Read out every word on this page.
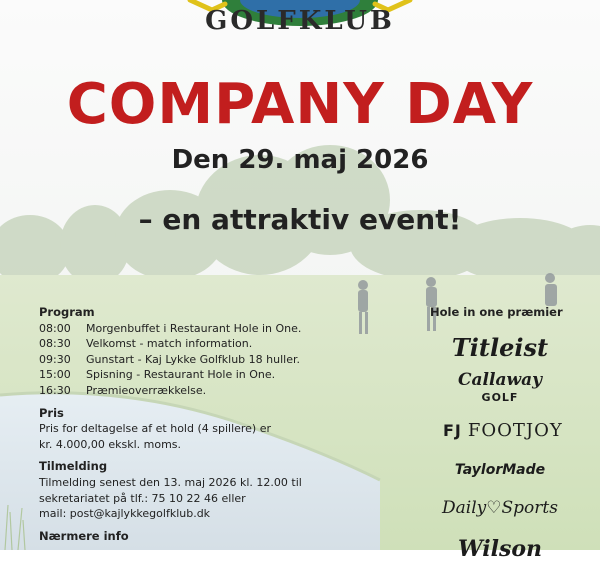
GOLFKLUB
COMPANY DAY
Den 29. maj 2026
– en attraktiv event!
Program
08:00 Morgenbuffet i Restaurant Hole in One.
08:30 Velkomst - match information.
09:30 Gunstart - Kaj Lykke Golfklub 18 huller.
15:00 Spisning - Restaurant Hole in One.
16:30 Præmieoverrækkelse.
Pris
Pris for deltagelse af et hold (4 spillere) er
kr. 4.000,00 ekskl. moms.
Tilmelding
Tilmelding senest den 13. maj 2026 kl. 12.00 til
sekretariatet på tlf.: 75 10 22 46 eller
mail: post@kajlykkegolfklub.dk
Nærmere info
Hole in one præmier
Titleist
Callaway
GOLF
FJ FOOTJOY
TaylorMade
Daily♡Sports
Wilson
